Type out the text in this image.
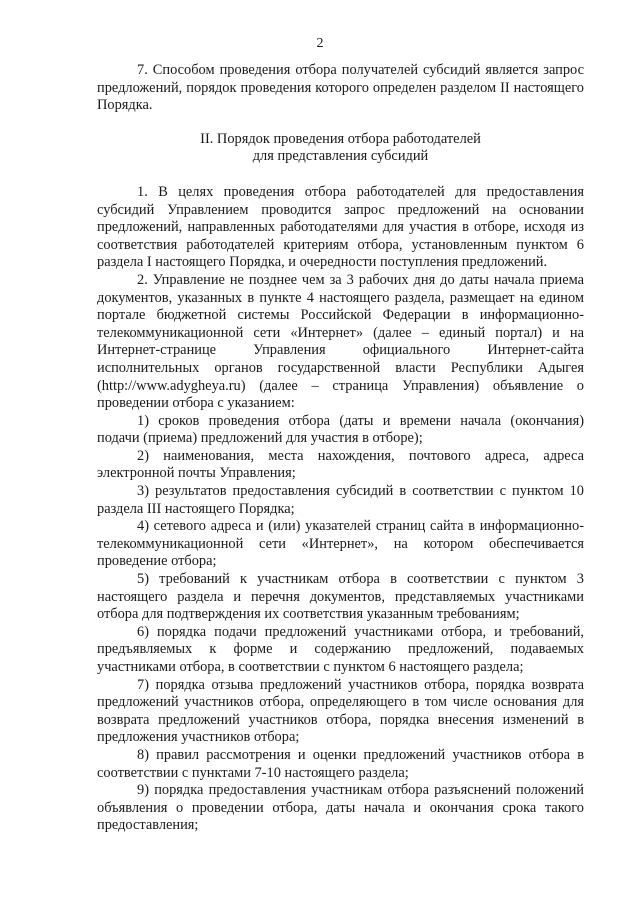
2

7. Способом проведения отбора получателей субсидий является запрос предложений, порядок проведения которого определен разделом II настоящего Порядка.

II. Порядок проведения отбора работодателей
для представления субсидий

1. В целях проведения отбора работодателей для предоставления субсидий Управлением проводится запрос предложений на основании предложений, направленных работодателями для участия в отборе, исходя из соответствия работодателей критериям отбора, установленным пунктом 6 раздела I настоящего Порядка, и очередности поступления предложений.

2. Управление не позднее чем за 3 рабочих дня до даты начала приема документов, указанных в пункте 4 настоящего раздела, размещает на едином портале бюджетной системы Российской Федерации в информационно-телекоммуникационной сети «Интернет» (далее – единый портал) и на Интернет-странице Управления официального Интернет-сайта исполнительных органов государственной власти Республики Адыгея (http://www.adygheya.ru) (далее – страница Управления) объявление о проведении отбора с указанием:

1) сроков проведения отбора (даты и времени начала (окончания) подачи (приема) предложений для участия в отборе);

2) наименования, места нахождения, почтового адреса, адреса электронной почты Управления;

3) результатов предоставления субсидий в соответствии с пунктом 10 раздела III настоящего Порядка;

4) сетевого адреса и (или) указателей страниц сайта в информационно-телекоммуникационной сети «Интернет», на котором обеспечивается проведение отбора;

5) требований к участникам отбора в соответствии с пунктом 3 настоящего раздела и перечня документов, представляемых участниками отбора для подтверждения их соответствия указанным требованиям;

6) порядка подачи предложений участниками отбора, и требований, предъявляемых к форме и содержанию предложений, подаваемых участниками отбора, в соответствии с пунктом 6 настоящего раздела;

7) порядка отзыва предложений участников отбора, порядка возврата предложений участников отбора, определяющего в том числе основания для возврата предложений участников отбора, порядка внесения изменений в предложения участников отбора;

8) правил рассмотрения и оценки предложений участников отбора в соответствии с пунктами 7-10 настоящего раздела;

9) порядка предоставления участникам отбора разъяснений положений объявления о проведении отбора, даты начала и окончания срока такого предоставления;
